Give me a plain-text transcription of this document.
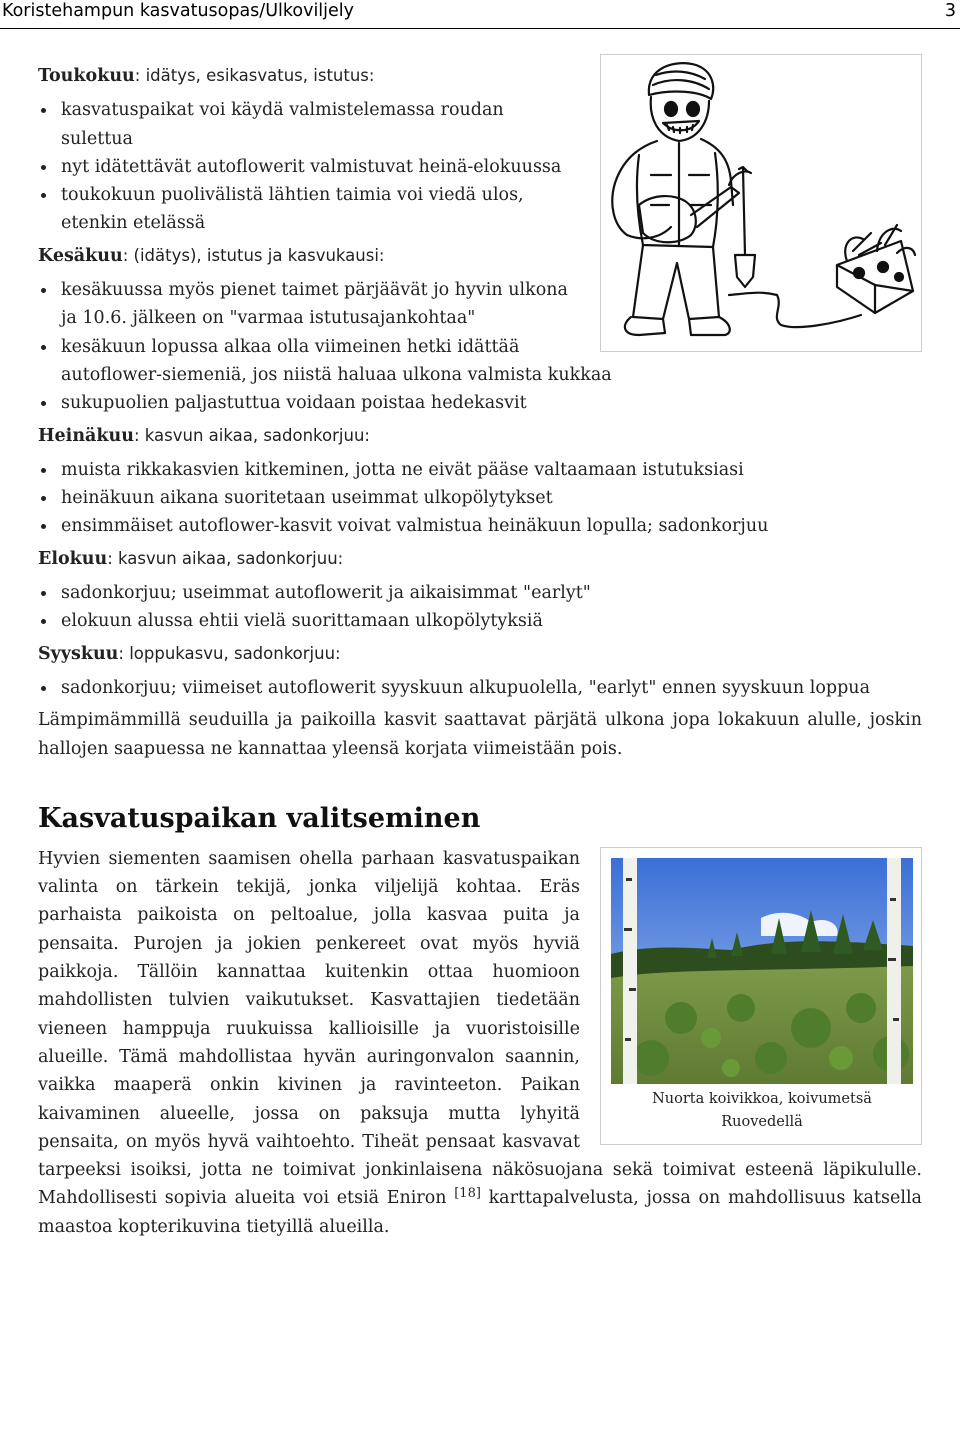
Koristehampun kasvatusopas/Ulkoviljely	3
Toukokuu: idätys, esikasvatus, istutus:
kasvatuspaikat voi käydä valmistelemassa roudan sulettua
nyt idätettävät autoflowerit valmistuvat heinä-elokuussa
toukokuun puolivälistä lähtien taimia voi viedä ulos, etenkin etelässä
Kesäkuu: (idätys), istutus ja kasvukausi:
kesäkuussa myös pienet taimet pärjäävät jo hyvin ulkona ja 10.6. jälkeen on "varmaa istutusajankohtaa"
kesäkuun lopussa alkaa olla viimeinen hetki idättää autoflower-siemeniä, jos niistä haluaa ulkona valmista kukkaa
sukupuolien paljastuttua voidaan poistaa hedekasvit
Heinäkuu: kasvun aikaa, sadonkorjuu:
muista rikkakasvien kitkeminen, jotta ne eivät pääse valtaamaan istutuksiasi
heinäkuun aikana suoritetaan useimmat ulkopölytykset
ensimmäiset autoflower-kasvit voivat valmistua heinäkuun lopulla; sadonkorjuu
Elokuu: kasvun aikaa, sadonkorjuu:
sadonkorjuu; useimmat autoflowerit ja aikaisimmat "earlyt"
elokuun alussa ehtii vielä suorittamaan ulkopölytyksiä
Syyskuu: loppukasvu, sadonkorjuu:
sadonkorjuu; viimeiset autoflowerit syyskuun alkupuolella, "earlyt" ennen syyskuun loppua

Lämpimämmillä seuduilla ja paikoilla kasvit saattavat pärjätä ulkona jopa lokakuun alulle, joskin hallojen saapuessa ne kannattaa yleensä korjata viimeistään pois.

Kasvatuspaikan valitseminen
Nuorta koivikkoa, koivumetsä Ruovedellä

Hyvien siementen saamisen ohella parhaan kasvatuspaikan valinta on tärkein tekijä, jonka viljelijä kohtaa. Eräs parhaista paikoista on peltoalue, jolla kasvaa puita ja pensaita. Purojen ja jokien penkereet ovat myös hyviä paikkoja. Tällöin kannattaa kuitenkin ottaa huomioon mahdollisten tulvien vaikutukset. Kasvattajien tiedetään vieneen hamppuja ruukuissa kallioisille ja vuoristoisille alueille. Tämä mahdollistaa hyvän auringonvalon saannin, vaikka maaperä onkin kivinen ja ravinteeton. Paikan kaivaminen alueelle, jossa on paksuja mutta lyhyitä pensaita, on myös hyvä vaihtoehto. Tiheät pensaat kasvavat tarpeeksi isoiksi, jotta ne toimivat jonkinlaisena näkösuojana sekä toimivat esteenä läpikululle. Mahdollisesti sopivia alueita voi etsiä Eniron [18] karttapalvelusta, jossa on mahdollisuus katsella maastoa kopterikuvina tietyillä alueilla.
